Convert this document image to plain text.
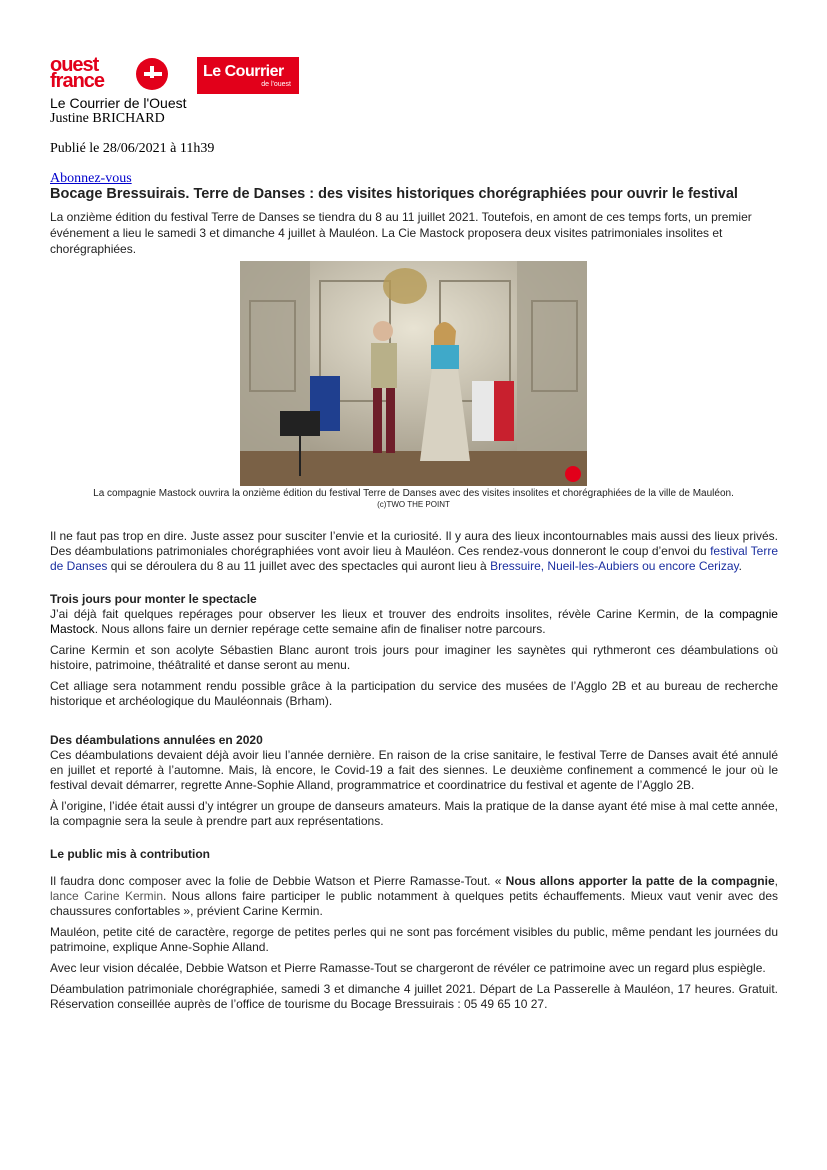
ouest
france	Le Courrier
de l'ouest
Le Courrier de l'Ouest
Justine BRICHARD
Publié le 28/06/2021 à 11h39
Abonnez-vous
Bocage Bressuirais. Terre de Danses : des visites historiques chorégraphiées pour ouvrir le festival

La onzième édition du festival Terre de Danses se tiendra du 8 au 11 juillet 2021. Toutefois, en amont de ces temps forts, un premier événement a lieu le samedi 3 et dimanche 4 juillet à Mauléon. La Cie Mastock proposera deux visites patrimoniales insolites et chorégraphiées.

La compagnie Mastock ouvrira la onzième édition du festival Terre de Danses avec des visites insolites et chorégraphiées de la ville de Mauléon.

(c)TWO THE POINT

Il ne faut pas trop en dire. Juste assez pour susciter l’envie et la curiosité. Il y aura des lieux incontournables mais aussi des lieux privés. Des déambulations patrimoniales chorégraphiées vont avoir lieu à Mauléon. Ces rendez-vous donneront le coup d’envoi du festival Terre de Danses qui se déroulera du 8 au 11 juillet avec des spectacles qui auront lieu à Bressuire, Nueil-les-Aubiers ou encore Cerizay.

Trois jours pour monter le spectacle

J’ai déjà fait quelques repérages pour observer les lieux et trouver des endroits insolites, révèle Carine Kermin, de la compagnie Mastock. Nous allons faire un dernier repérage cette semaine afin de finaliser notre parcours.

Carine Kermin et son acolyte Sébastien Blanc auront trois jours pour imaginer les saynètes qui rythmeront ces déambulations où histoire, patrimoine, théâtralité et danse seront au menu.

Cet alliage sera notamment rendu possible grâce à la participation du service des musées de l’Agglo 2B et au bureau de recherche historique et archéologique du Mauléonnais (Brham).

Des déambulations annulées en 2020

Ces déambulations devaient déjà avoir lieu l’année dernière. En raison de la crise sanitaire, le festival Terre de Danses avait été annulé en juillet et reporté à l’automne. Mais, là encore, le Covid-19 a fait des siennes. Le deuxième confinement a commencé le jour où le festival devait démarrer, regrette Anne-Sophie Alland, programmatrice et coordinatrice du festival et agente de l’Agglo 2B.

À l’origine, l’idée était aussi d’y intégrer un groupe de danseurs amateurs. Mais la pratique de la danse ayant été mise à mal cette année, la compagnie sera la seule à prendre part aux représentations.

Le public mis à contribution

Il faudra donc composer avec la folie de Debbie Watson et Pierre Ramasse-Tout. « Nous allons apporter la patte de la compagnie, lance Carine Kermin. Nous allons faire participer le public notamment à quelques petits échauffements. Mieux vaut venir avec des chaussures confortables », prévient Carine Kermin.

Mauléon, petite cité de caractère, regorge de petites perles qui ne sont pas forcément visibles du public, même pendant les journées du patrimoine, explique Anne-Sophie Alland.

Avec leur vision décalée, Debbie Watson et Pierre Ramasse-Tout se chargeront de révéler ce patrimoine avec un regard plus espiègle.

Déambulation patrimoniale chorégraphiée, samedi 3 et dimanche 4 juillet 2021. Départ de La Passerelle à Mauléon, 17 heures. Gratuit. Réservation conseillée auprès de l’office de tourisme du Bocage Bressuirais : 05 49 65 10 27.
